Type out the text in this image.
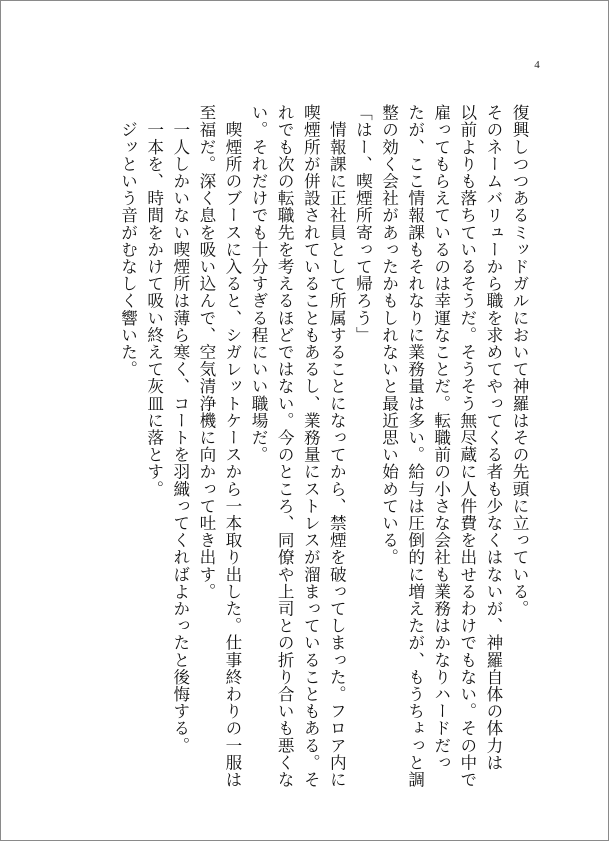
4

復興しつつあるミッドガルにおいて神羅はその先頭に立っている。

そのネームバリューから職を求めてやってくる者も少なくはないが、神羅自体の体力は

以前よりも落ちているそうだ。そうそう無尽蔵に人件費を出せるわけでもない。その中で

雇ってもらえているのは幸運なことだ。転職前の小さな会社も業務はかなりハードだっ

たが、ここ情報課もそれなりに業務量は多い。給与は圧倒的に増えたが、もうちょっと調

整の効く会社があったかもしれないと最近思い始めている。

「はー、喫煙所寄って帰ろう」

　情報課に正社員として所属することになってから、禁煙を破ってしまった。フロア内に

喫煙所が併設されていることもあるし、業務量にストレスが溜まっていることもある。そ

れでも次の転職先を考えるほどではない。今のところ、同僚や上司との折り合いも悪くな

い。それだけでも十分すぎる程にいい職場だ。

　喫煙所のブースに入ると、シガレットケースから一本取り出した。仕事終わりの一服は

至福だ。深く息を吸い込んで、空気清浄機に向かって吐き出す。

　一人しかいない喫煙所は薄ら寒く、コートを羽織ってくればよかったと後悔する。

　一本を、時間をかけて吸い終えて灰皿に落とす。

　ジッという音がむなしく響いた。
